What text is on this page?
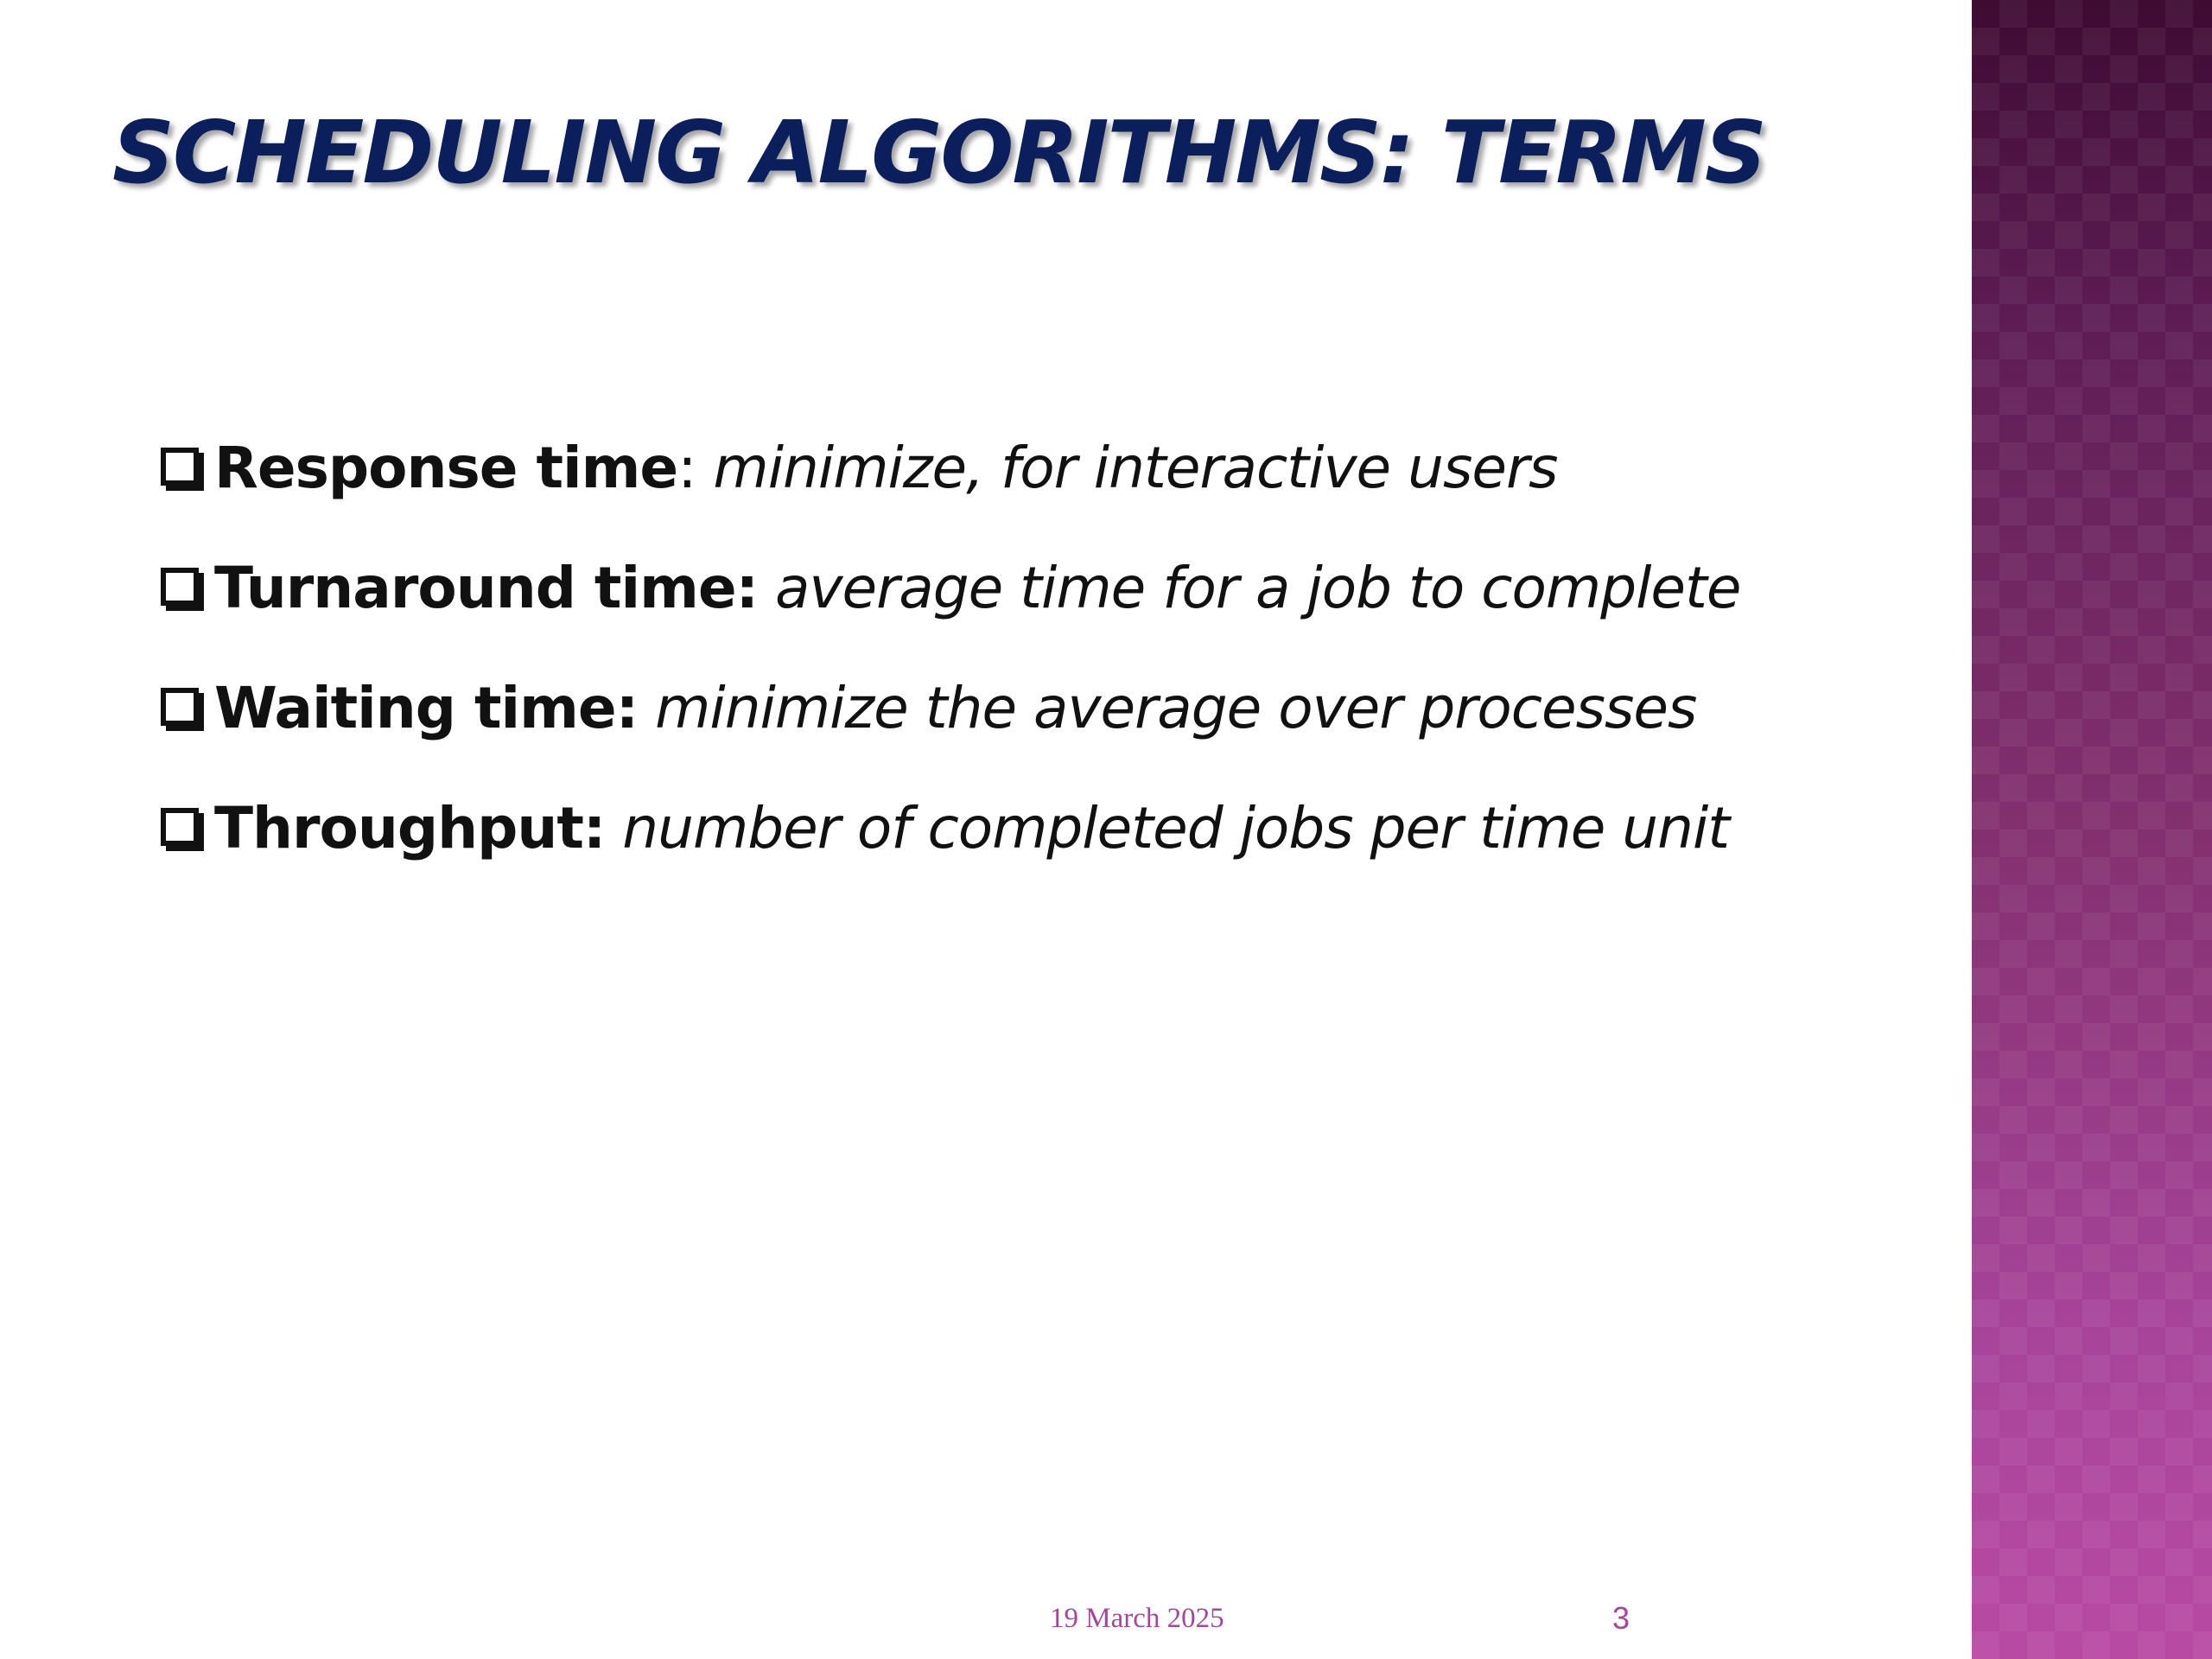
SCHEDULING ALGORITHMS: TERMS
Response time : minimize, for interactive users
Turnaround time:
average time for a job to complete
Waiting time:
minimize the average over processes
Throughput:
number of completed jobs per time unit
19 March 2025	3
